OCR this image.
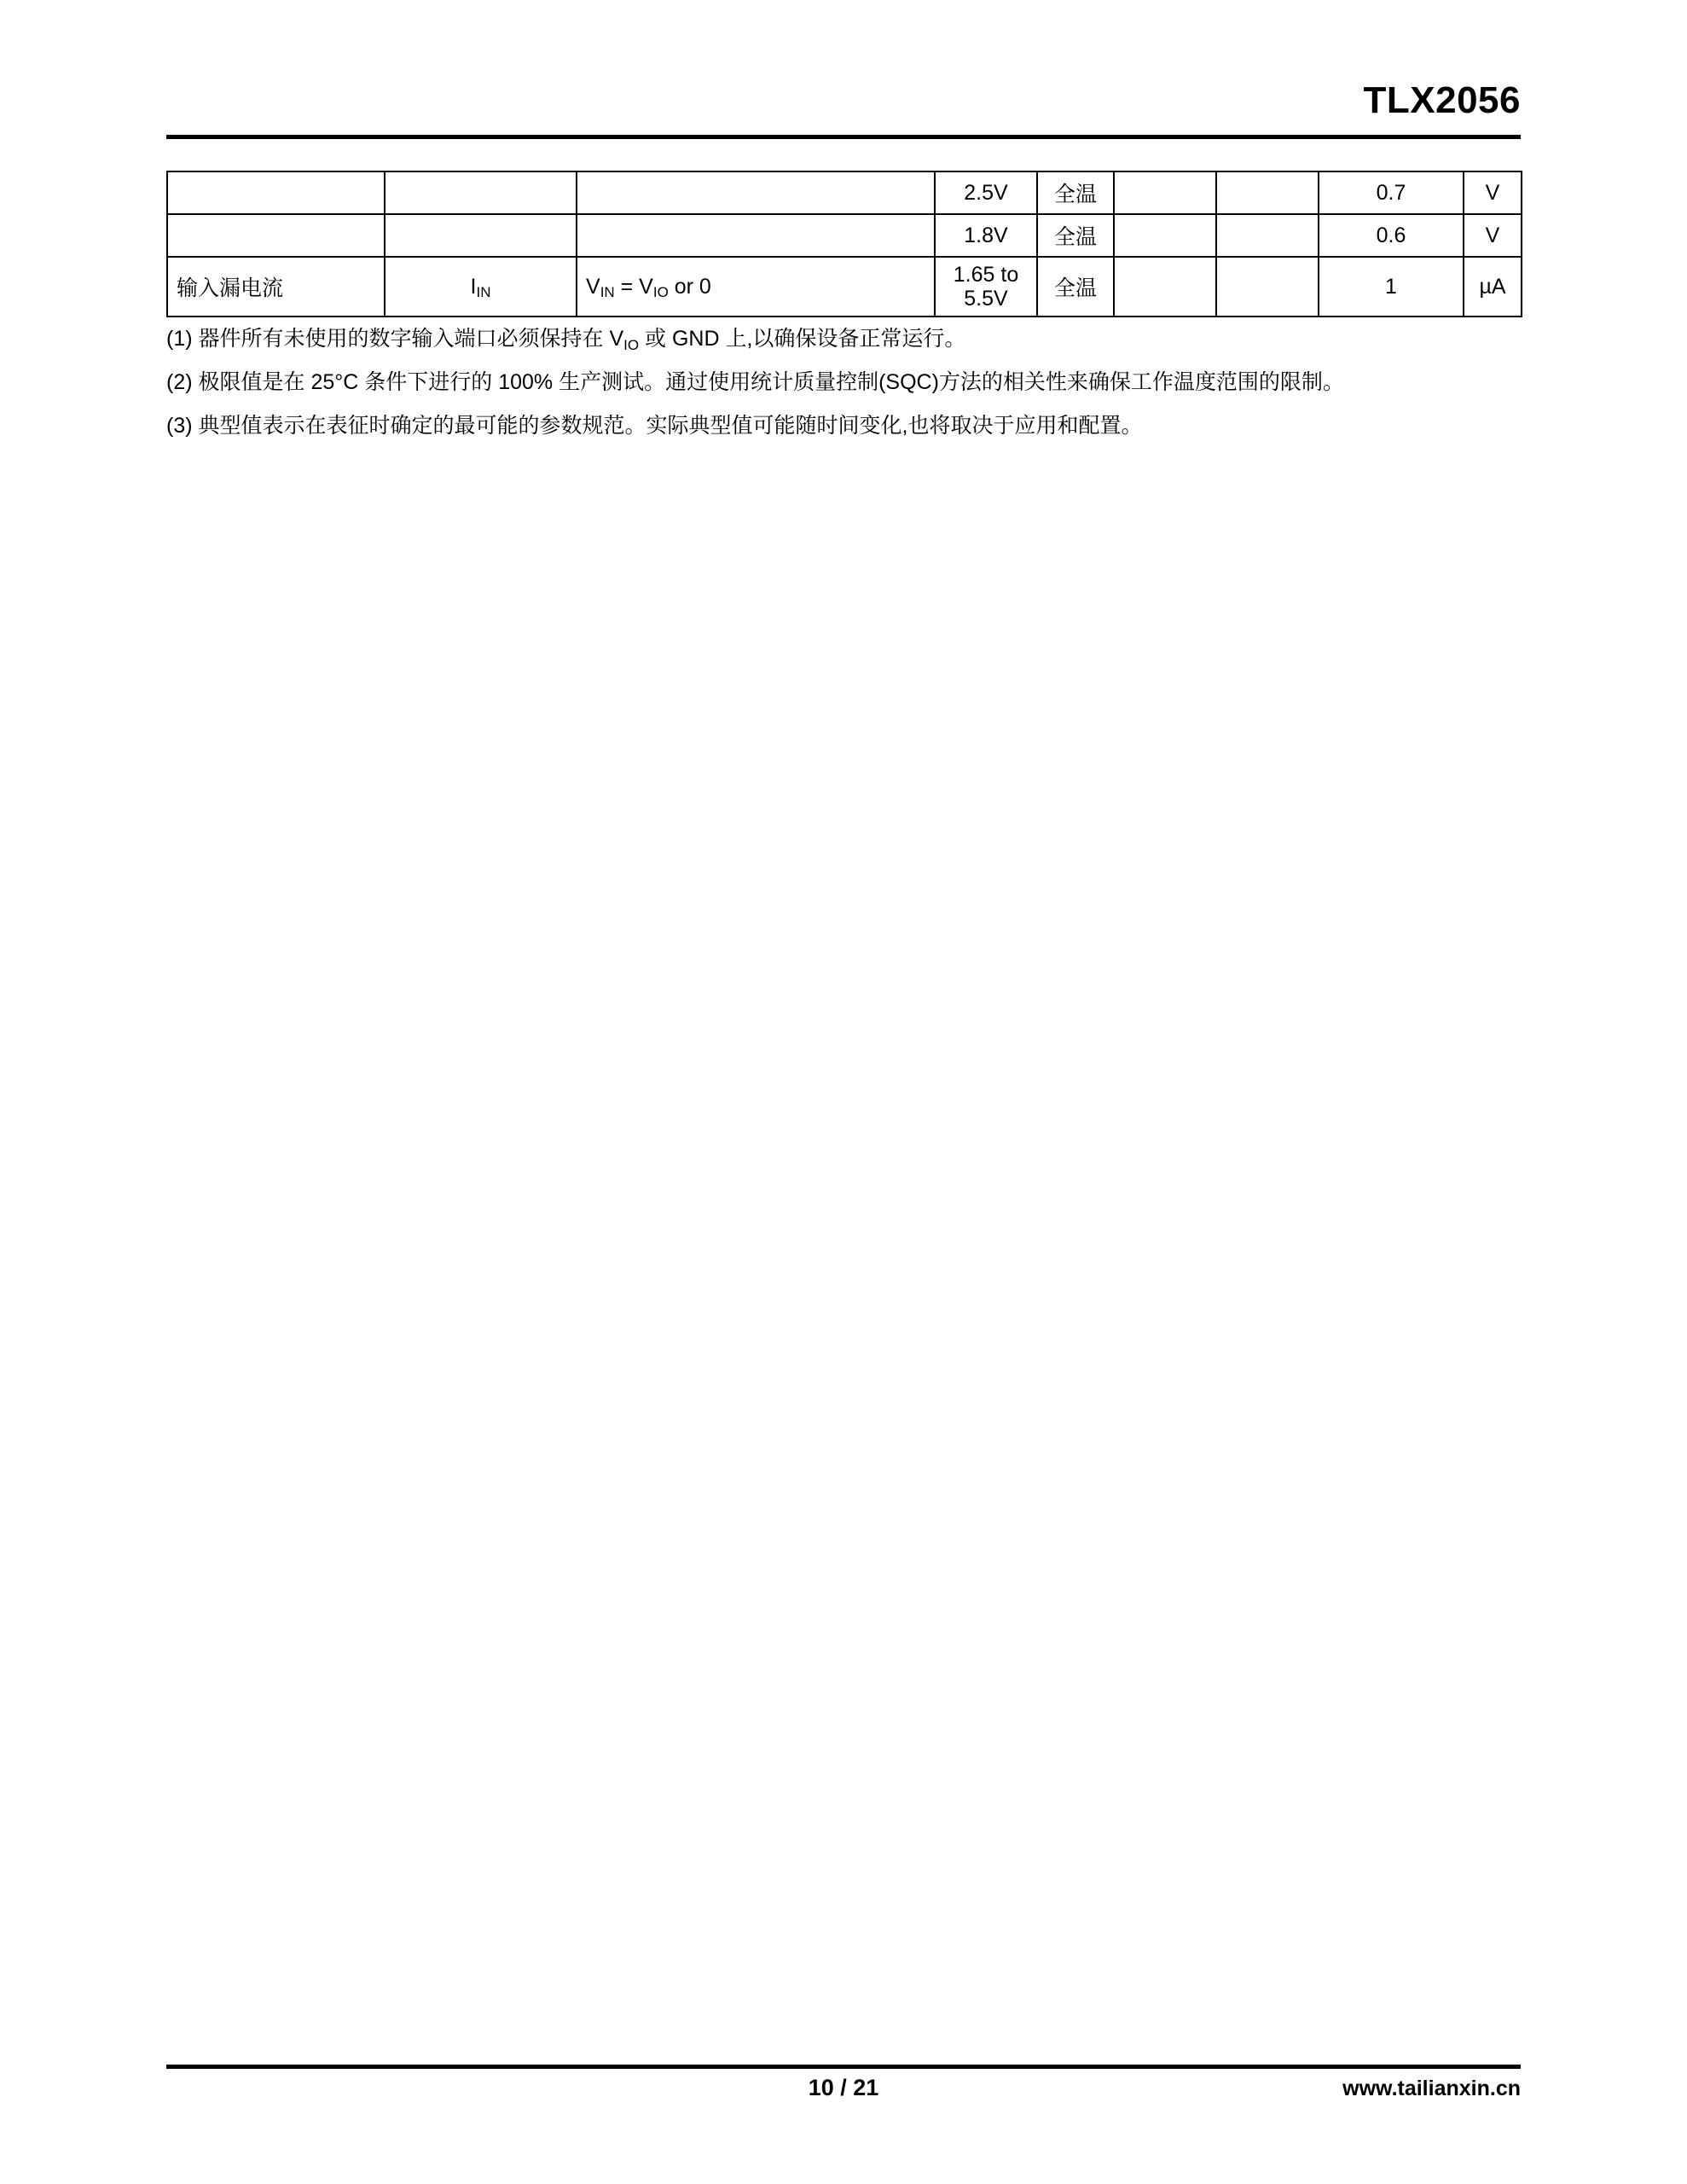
TLX2056
			2.5V	全温			0.7	V
			1.8V	全温			0.6	V
输入漏电流	$I_{IN}$	$V_{IN} = V_{IO}$ or 0	1.65 to
5.5V	全温			1	µA

(1) 器件所有未使用的数字输入端口必须保持在 $V_{IO}$ 或 GND 上,以确保设备正常运行。

(2) 极限值是在 25°C 条件下进行的 100% 生产测试。通过使用统计质量控制(SQC)方法的相关性来确保工作温度范围的限制。

(3) 典型值表示在表征时确定的最可能的参数规范。实际典型值可能随时间变化,也将取决于应用和配置。

10 / 21	www.tailianxin.cn
